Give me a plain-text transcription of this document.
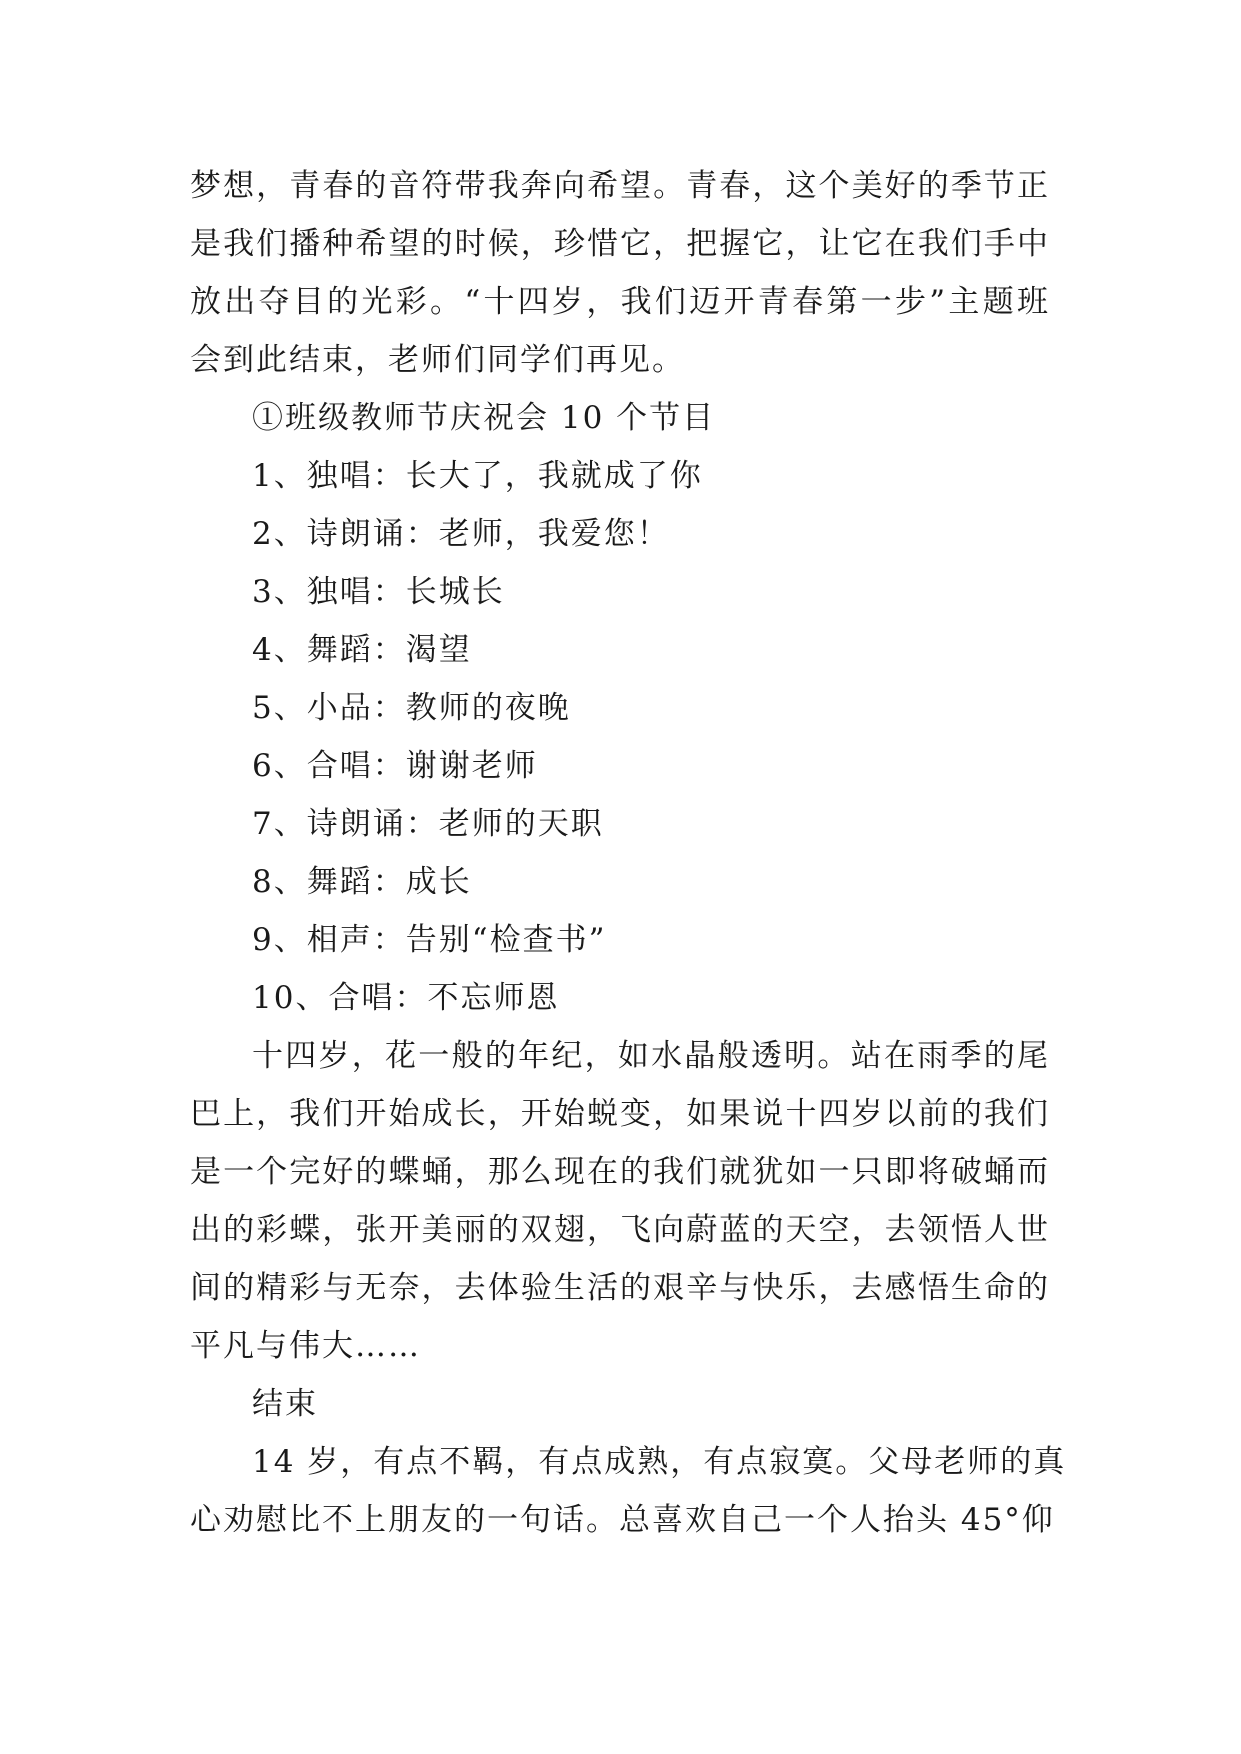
梦想，青春的音符带我奔向希望。青春，这个美好的季节正
是我们播种希望的时候，珍惜它，把握它，让它在我们手中
放出夺目的光彩。“十四岁，我们迈开青春第一步”主题班
会到此结束，老师们同学们再见。
①班级教师节庆祝会 10 个节目
1、独唱：长大了，我就成了你
2、诗朗诵：老师，我爱您！
3、独唱：长城长
4、舞蹈：渴望
5、小品：教师的夜晚
6、合唱：谢谢老师
7、诗朗诵：老师的天职
8、舞蹈：成长
9、相声：告别“检查书”
10、合唱：不忘师恩
十四岁，花一般的年纪，如水晶般透明。站在雨季的尾
巴上，我们开始成长，开始蜕变，如果说十四岁以前的我们
是一个完好的蝶蛹，那么现在的我们就犹如一只即将破蛹而
出的彩蝶，张开美丽的双翅，飞向蔚蓝的天空，去领悟人世
间的精彩与无奈，去体验生活的艰辛与快乐，去感悟生命的
平凡与伟大……
结束
14 岁，有点不羁，有点成熟，有点寂寞。父母老师的真
心劝慰比不上朋友的一句话。总喜欢自己一个人抬头 45°仰
